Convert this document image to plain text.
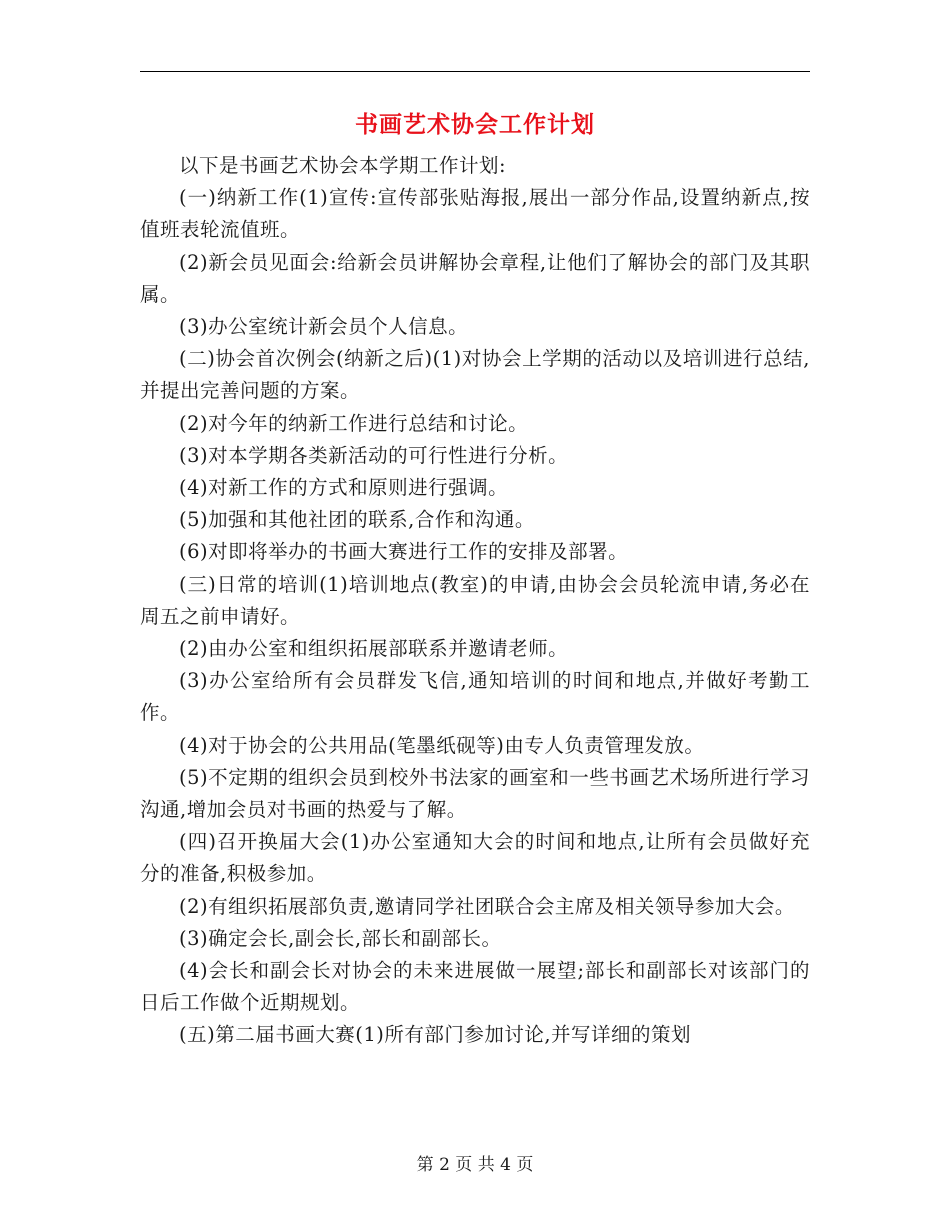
书画艺术协会工作计划

以下是书画艺术协会本学期工作计划:

(一)纳新工作(1)宣传:宣传部张贴海报,展出一部分作品,设置纳新点,按值班表轮流值班。

(2)新会员见面会:给新会员讲解协会章程,让他们了解协会的部门及其职属。

(3)办公室统计新会员个人信息。

(二)协会首次例会(纳新之后)(1)对协会上学期的活动以及培训进行总结,并提出完善问题的方案。

(2)对今年的纳新工作进行总结和讨论。

(3)对本学期各类新活动的可行性进行分析。

(4)对新工作的方式和原则进行强调。

(5)加强和其他社团的联系,合作和沟通。

(6)对即将举办的书画大赛进行工作的安排及部署。

(三)日常的培训(1)培训地点(教室)的申请,由协会会员轮流申请,务必在周五之前申请好。

(2)由办公室和组织拓展部联系并邀请老师。

(3)办公室给所有会员群发飞信,通知培训的时间和地点,并做好考勤工作。

(4)对于协会的公共用品(笔墨纸砚等)由专人负责管理发放。

(5)不定期的组织会员到校外书法家的画室和一些书画艺术场所进行学习沟通,增加会员对书画的热爱与了解。

(四)召开换届大会(1)办公室通知大会的时间和地点,让所有会员做好充分的准备,积极参加。

(2)有组织拓展部负责,邀请同学社团联合会主席及相关领导参加大会。

(3)确定会长,副会长,部长和副部长。

(4)会长和副会长对协会的未来进展做一展望;部长和副部长对该部门的日后工作做个近期规划。

(五)第二届书画大赛(1)所有部门参加讨论,并写详细的策划

第 2 页 共 4 页
